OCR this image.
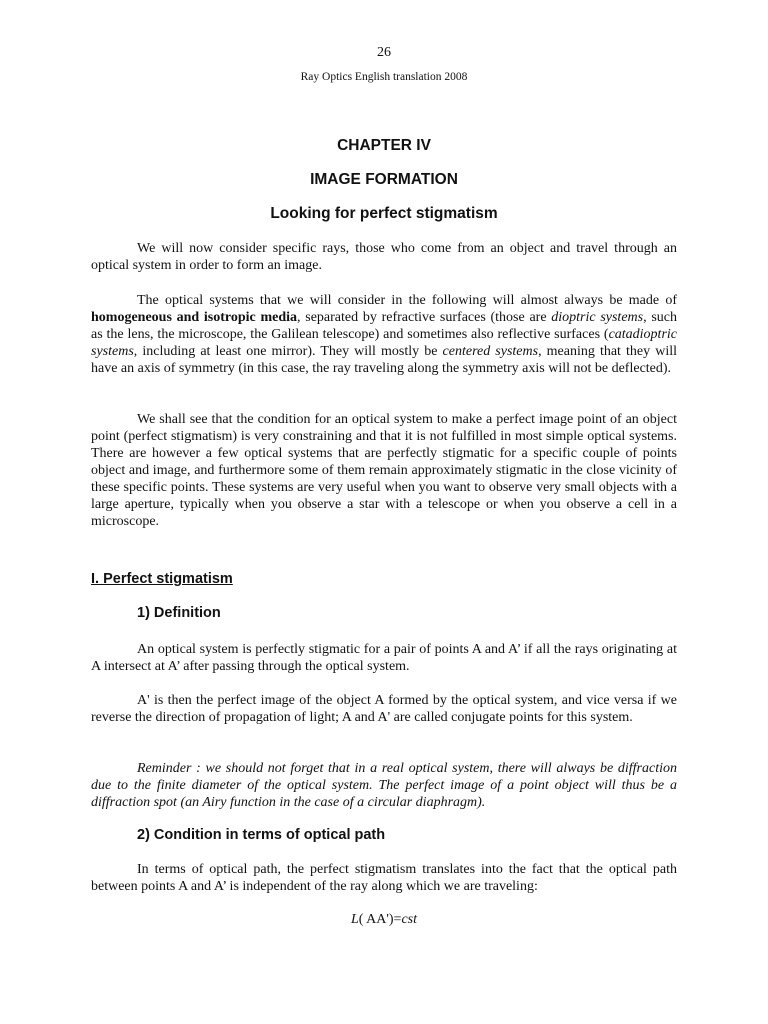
26
Ray Optics English translation 2008
CHAPTER IV
IMAGE FORMATION
Looking for perfect stigmatism

We will now consider specific rays, those who come from an object and travel through an optical system in order to form an image.

The optical systems that we will consider in the following will almost always be made of homogeneous and isotropic media, separated by refractive surfaces (those are dioptric systems, such as the lens, the microscope, the Galilean telescope) and sometimes also reflective surfaces (catadioptric systems, including at least one mirror). They will mostly be centered systems, meaning that they will have an axis of symmetry (in this case, the ray traveling along the symmetry axis will not be deflected).

We shall see that the condition for an optical system to make a perfect image point of an object point (perfect stigmatism) is very constraining and that it is not fulfilled in most simple optical systems. There are however a few optical systems that are perfectly stigmatic for a specific couple of points object and image, and furthermore some of them remain approximately stigmatic in the close vicinity of these specific points. These systems are very useful when you want to observe very small objects with a large aperture, typically when you observe a star with a telescope or when you observe a cell in a microscope.

I. Perfect stigmatism
1) Definition

An optical system is perfectly stigmatic for a pair of points A and A’ if all the rays originating at A intersect at A’ after passing through the optical system.

A' is then the perfect image of the object A formed by the optical system, and vice versa if we reverse the direction of propagation of light; A and A' are called conjugate points for this system.

Reminder : we should not forget that in a real optical system, there will always be diffraction due to the finite diameter of the optical system. The perfect image of a point object will thus be a diffraction spot (an Airy function in the case of a circular diaphragm).

2) Condition in terms of optical path

In terms of optical path, the perfect stigmatism translates into the fact that the optical path between points A and A’ is independent of the ray along which we are traveling:

L( AA')=cst
